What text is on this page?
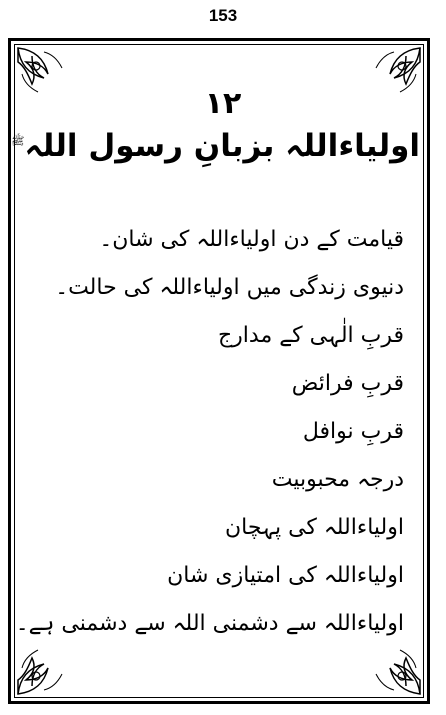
153
١٢
اولیاءاللہ بزبانِ رسول اللہ$^ﷺ$
قیامت کے دن اولیاءاللہ کی شان۔
دنیوی زندگی میں اولیاءاللہ کی حالت۔
قربِ الٰہی کے مدارج
قربِ فرائض
قربِ نوافل
درجہ محبوبیت
اولیاءاللہ کی پہچان
اولیاءاللہ کی امتیازی شان
اولیاءاللہ سے دشمنی اللہ سے دشمنی ہے۔
